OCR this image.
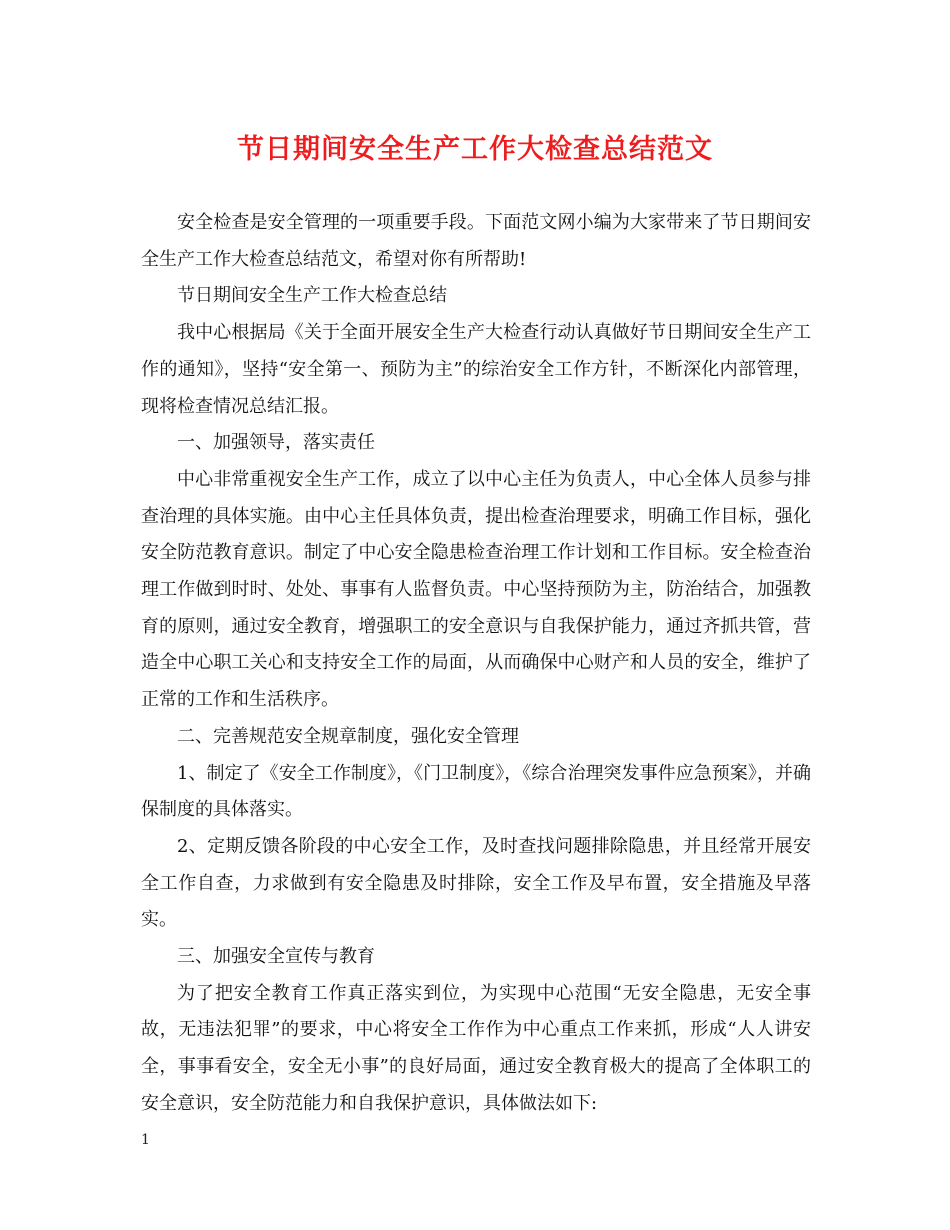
节日期间安全生产工作大检查总结范文

安全检查是安全管理的一项重要手段。下面范文网小编为大家带来了节日期间安全生产工作大检查总结范文，希望对你有所帮助!

节日期间安全生产工作大检查总结

我中心根据局《关于全面开展安全生产大检查行动认真做好节日期间安全生产工作的通知》，坚持“安全第一、预防为主”的综治安全工作方针，不断深化内部管理，现将检查情况总结汇报。

一、加强领导，落实责任

中心非常重视安全生产工作，成立了以中心主任为负责人，中心全体人员参与排查治理的具体实施。由中心主任具体负责，提出检查治理要求，明确工作目标，强化安全防范教育意识。制定了中心安全隐患检查治理工作计划和工作目标。安全检查治理工作做到时时、处处、事事有人监督负责。中心坚持预防为主，防治结合，加强教育的原则，通过安全教育，增强职工的安全意识与自我保护能力，通过齐抓共管，营造全中心职工关心和支持安全工作的局面，从而确保中心财产和人员的安全，维护了正常的工作和生活秩序。

二、完善规范安全规章制度，强化安全管理

1、制定了《安全工作制度》，《门卫制度》，《综合治理突发事件应急预案》，并确保制度的具体落实。

2、定期反馈各阶段的中心安全工作，及时查找问题排除隐患，并且经常开展安全工作自查，力求做到有安全隐患及时排除，安全工作及早布置，安全措施及早落实。

三、加强安全宣传与教育

为了把安全教育工作真正落实到位，为实现中心范围“无安全隐患，无安全事故，无违法犯罪”的要求，中心将安全工作作为中心重点工作来抓，形成“人人讲安全，事事看安全，安全无小事”的良好局面，通过安全教育极大的提高了全体职工的安全意识，安全防范能力和自我保护意识，具体做法如下:

1
